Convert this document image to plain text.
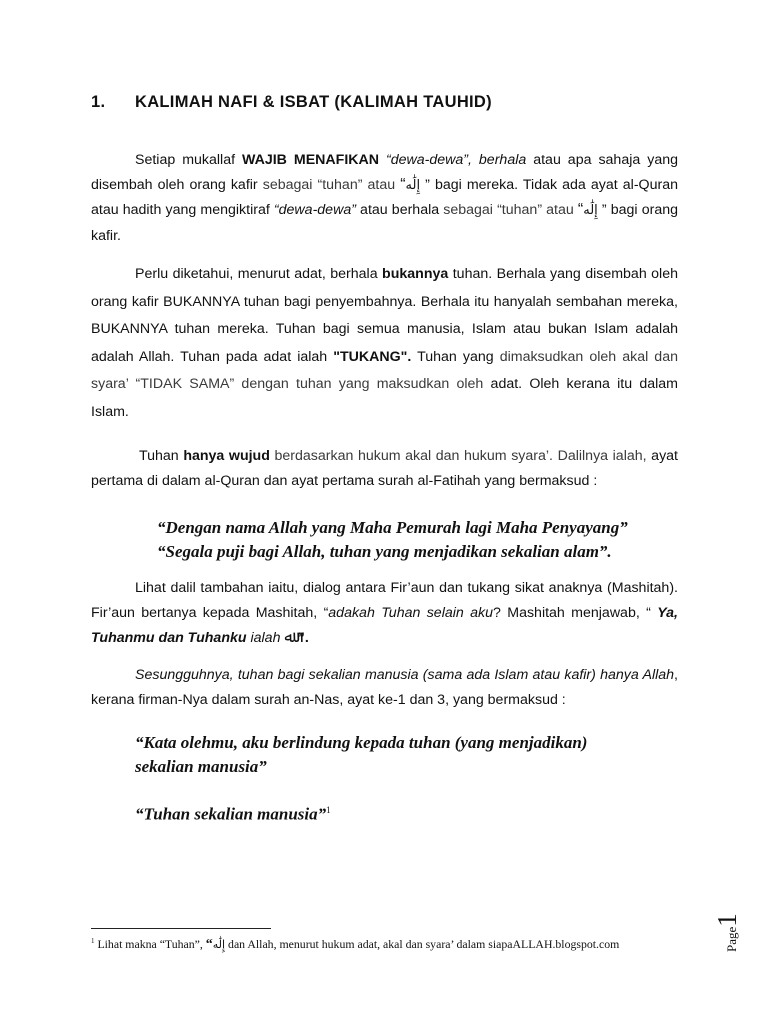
1. KALIMAH NAFI & ISBAT (KALIMAH TAUHID)

Setiap mukallaf WAJIB MENAFIKAN “dewa-dewa”, berhala atau apa sahaja yang disembah oleh orang kafir sebagai “tuhan” atau “إِلَٰه ” bagi mereka. Tidak ada ayat al-Quran atau hadith yang mengiktiraf “dewa-dewa” atau berhala sebagai “tuhan” atau “إِلَٰه ” bagi orang kafir.

Perlu diketahui, menurut adat, berhala bukannya tuhan. Berhala yang disembah oleh orang kafir BUKANNYA tuhan bagi penyembahnya. Berhala itu hanyalah sembahan mereka, BUKANNYA tuhan mereka. Tuhan bagi semua manusia, Islam atau bukan Islam adalah adalah Allah. Tuhan pada adat ialah "TUKANG". Tuhan yang dimaksudkan oleh akal dan syara’ “TIDAK SAMA” dengan tuhan yang maksudkan oleh adat. Oleh kerana itu dalam Islam.

Tuhan hanya wujud berdasarkan hukum akal dan hukum syara’. Dalilnya ialah, ayat pertama di dalam al-Quran dan ayat pertama surah al-Fatihah yang bermaksud :

“Dengan nama Allah yang Maha Pemurah lagi Maha Penyayang”

“Segala puji bagi Allah, tuhan yang menjadikan sekalian alam”.

Lihat dalil tambahan iaitu, dialog antara Fir’aun dan tukang sikat anaknya (Mashitah). Fir’aun bertanya kepada Mashitah, “adakah Tuhan selain aku? Mashitah menjawab, “ Ya, Tuhanmu dan Tuhanku ialah ﷲ ”.

Sesungguhnya, tuhan bagi sekalian manusia (sama ada Islam atau kafir) hanya Allah, kerana firman-Nya dalam surah an-Nas, ayat ke-1 dan 3, yang bermaksud :

“Kata olehmu, aku berlindung kepada tuhan (yang menjadikan)

sekalian manusia”

“Tuhan sekalian manusia”$^1$
$^1$ Lihat makna “Tuhan”, “إِلَٰه dan Allah, menurut hukum adat, akal dan syara’ dalam siapaALLAH.blogspot.com	Page1
